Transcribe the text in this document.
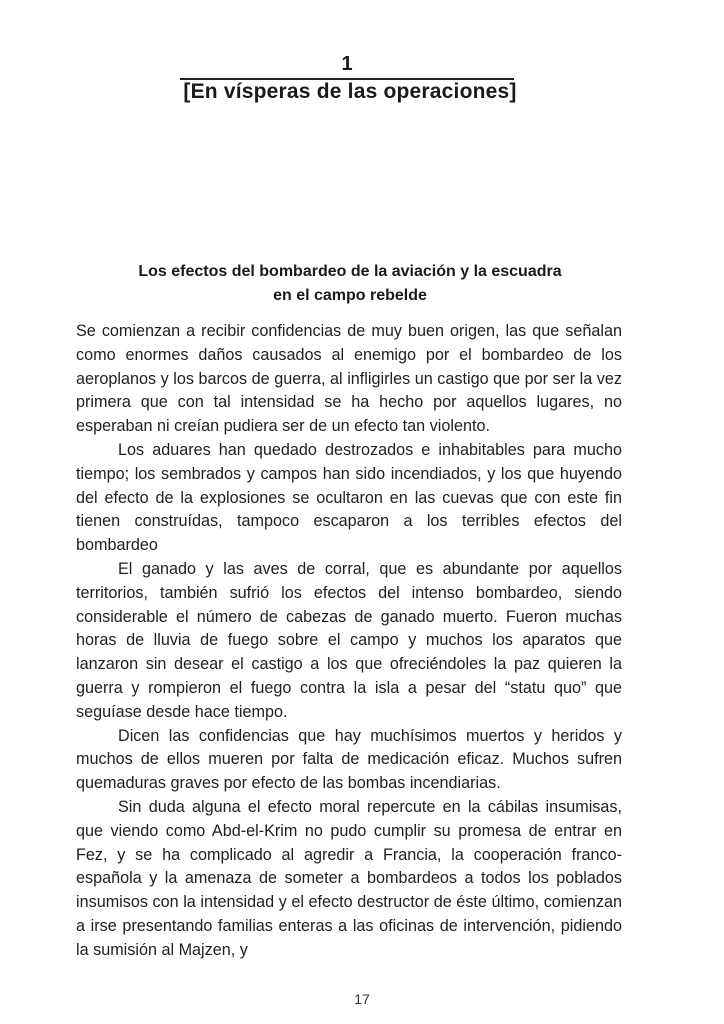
1
[En vísperas de las operaciones]
Los efectos del bombardeo de la aviación y la escuadra
en el campo rebelde

Se comienzan a recibir confidencias de muy buen origen, las que señalan como enormes daños causados al enemigo por el bombardeo de los aeroplanos y los barcos de guerra, al infligirles un castigo que por ser la vez primera que con tal intensidad se ha hecho por aquellos lugares, no esperaban ni creían pudiera ser de un efecto tan violento.

Los aduares han quedado destrozados e inhabitables para mucho tiempo; los sembrados y campos han sido incendiados, y los que huyendo del efecto de la explosiones se ocultaron en las cuevas que con este fin tienen construídas, tampoco escaparon a los terribles efectos del bombardeo

El ganado y las aves de corral, que es abundante por aquellos territorios, también sufrió los efectos del intenso bombardeo, siendo considerable el número de cabezas de ganado muerto. Fueron muchas horas de lluvia de fuego sobre el campo y muchos los aparatos que lanzaron sin desear el castigo a los que ofreciéndoles la paz quieren la guerra y rompieron el fuego contra la isla a pesar del “statu quo” que seguíase desde hace tiempo.

Dicen las confidencias que hay muchísimos muertos y heridos y muchos de ellos mueren por falta de medicación eficaz. Muchos sufren quemaduras graves por efecto de las bombas incendiarias.

Sin duda alguna el efecto moral repercute en la cábilas insumisas, que viendo como Abd-el-Krim no pudo cumplir su promesa de entrar en Fez, y se ha complicado al agredir a Francia, la cooperación franco-española y la amenaza de someter a bombardeos a todos los poblados insumisos con la intensidad y el efecto destructor de éste último, comienzan a irse presentando familias enteras a las oficinas de intervención, pidiendo la sumisión al Majzen, y

17
